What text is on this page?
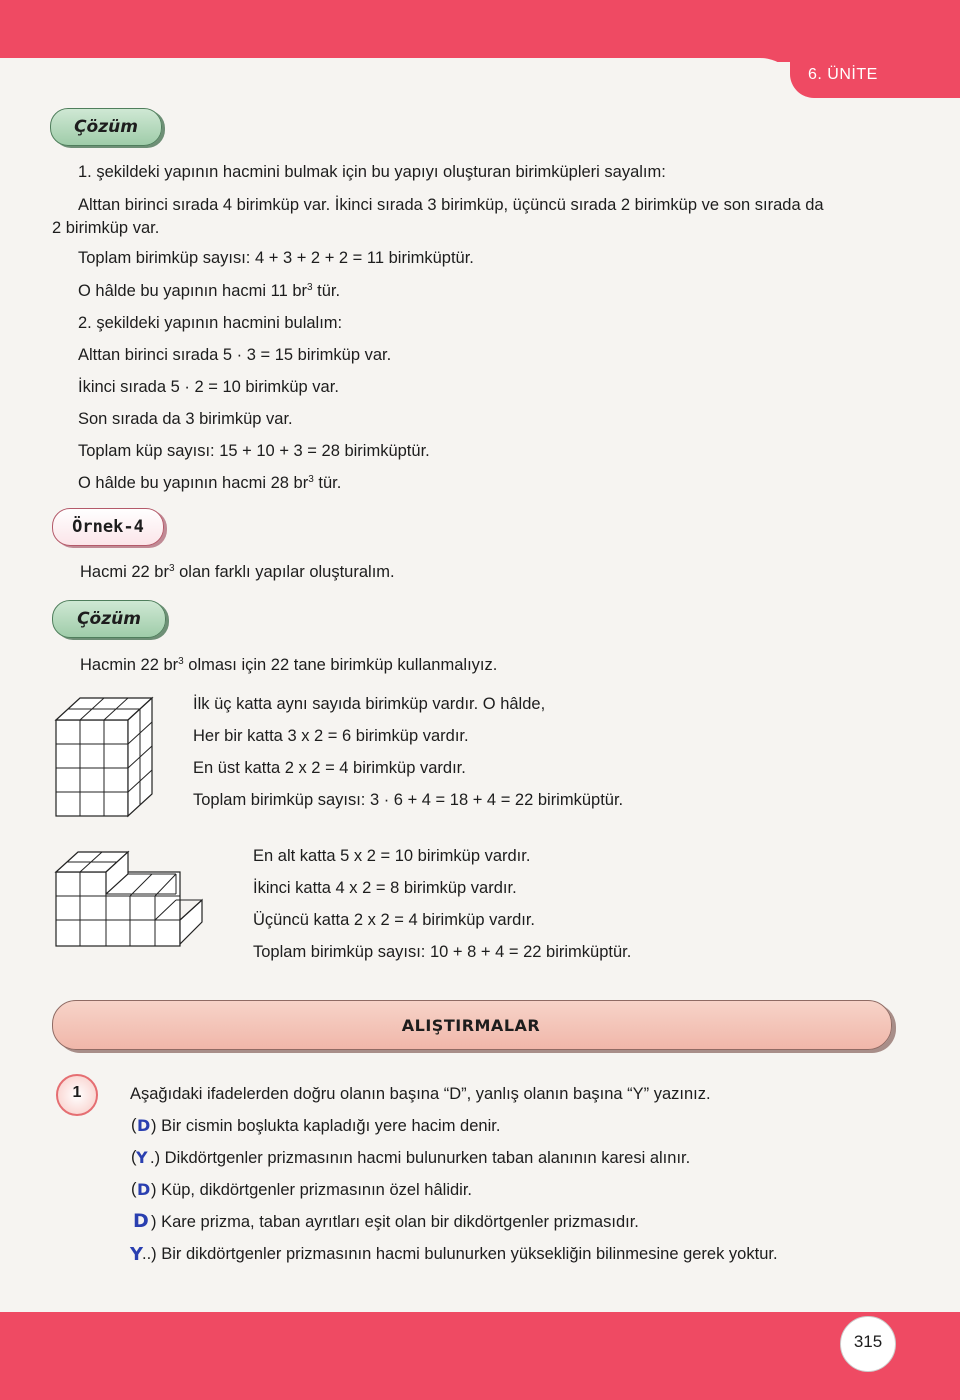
6. ÜNİTE
Çözüm
1. şekildeki yapının hacmini bulmak için bu yapıyı oluşturan birimküpleri sayalım:
Alttan birinci sırada 4 birimküp var. İkinci sırada 3 birimküp, üçüncü sırada 2 birimküp ve son sırada da
2 birimküp var.
Toplam birimküp sayısı: 4 + 3 + 2 + 2 = 11 birimküptür.
O hâlde bu yapının hacmi 11 $br^3$ tür.
2. şekildeki yapının hacmini bulalım:
Alttan birinci sırada 5 · 3 = 15 birimküp var.
İkinci sırada 5 · 2 = 10 birimküp var.
Son sırada da 3 birimküp var.
Toplam küp sayısı: 15 + 10 + 3 = 28 birimküptür.
O hâlde bu yapının hacmi 28 $br^3$ tür.
Örnek-4
Hacmi 22 $br^3$ olan farklı yapılar oluşturalım.
Çözüm
Hacmin 22 $br^3$ olması için 22 tane birimküp kullanmalıyız.
İlk üç katta aynı sayıda birimküp vardır. O hâlde,
Her bir katta 3 x 2 = 6 birimküp vardır.
En üst katta 2 x 2 = 4 birimküp vardır.
Toplam birimküp sayısı: 3 · 6 + 4 = 18 + 4 = 22 birimküptür.
En alt katta 5 x 2 = 10 birimküp vardır.
İkinci katta 4 x 2 = 8 birimküp vardır.
Üçüncü katta 2 x 2 = 4 birimküp vardır.
Toplam birimküp sayısı: 10 + 8 + 4 = 22 birimküptür.
ALIŞTIRMALAR
1	Aşağıdaki ifadelerden doğru olanın başına “D”, yanlış olanın başına “Y” yazınız.
( D ) Bir cismin boşlukta kapladığı yere hacim denir.
( Y .) Dikdörtgenler prizmasının hacmi bulunurken taban alanının karesi alınır.
( D ) Küp, dikdörtgenler prizmasının özel hâlidir.
D ) Kare prizma, taban ayrıtları eşit olan bir dikdörtgenler prizmasıdır.
Y
..) Bir dikdörtgenler prizmasının hacmi bulunurken yüksekliğin bilinmesine gerek yoktur.
315
